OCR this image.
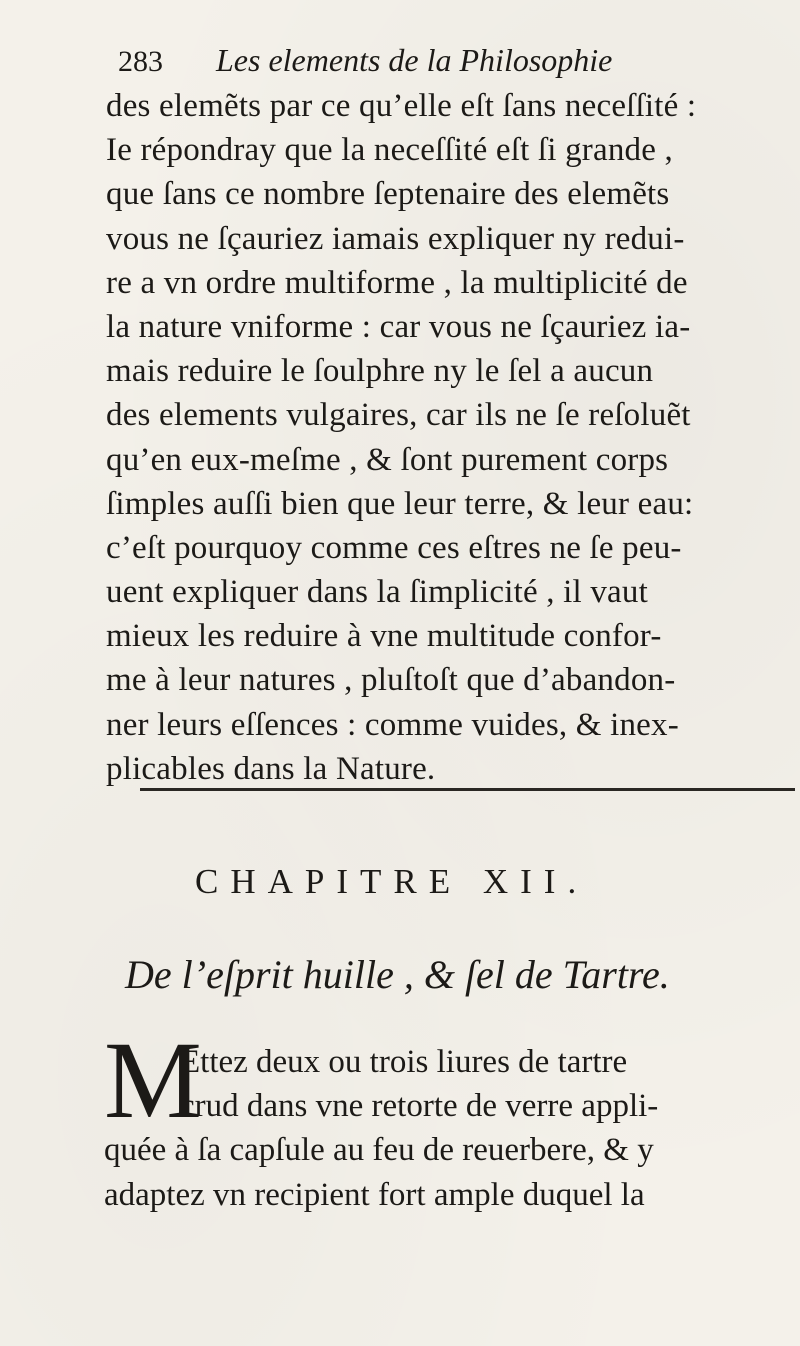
283 Les elements de la Philosophie
des elemẽts par ce qu’elle eſt ſans neceſſité :
Ie répondray que la neceſſité eſt ſi grande ,
que ſans ce nombre ſeptenaire des elemẽts
vous ne ſçauriez iamais expliquer ny redui-
re a vn ordre multiforme , la multiplicité de
la nature vniforme : car vous ne ſçauriez ia-
mais reduire le ſoulphre ny le ſel a aucun
des elements vulgaires, car ils ne ſe reſoluẽt
qu’en eux-meſme , & ſont purement corps
ſimples auſſi bien que leur terre, & leur eau:
c’eſt pourquoy comme ces eſtres ne ſe peu-
uent expliquer dans la ſimplicité , il vaut
mieux les reduire à vne multitude confor-
me à leur natures , pluſtoſt que d’abandon-
ner leurs eſſences : comme vuides, & inex-
plicables dans la Nature.
CHAPITRE XII.
De l’eſprit huille , & ſel de Tartre.
M
Ettez deux ou trois liures de tartre
crud dans vne retorte de verre appli-
quée à ſa capſule au feu de reuerbere, & y
adaptez vn recipient fort ample duquel la
